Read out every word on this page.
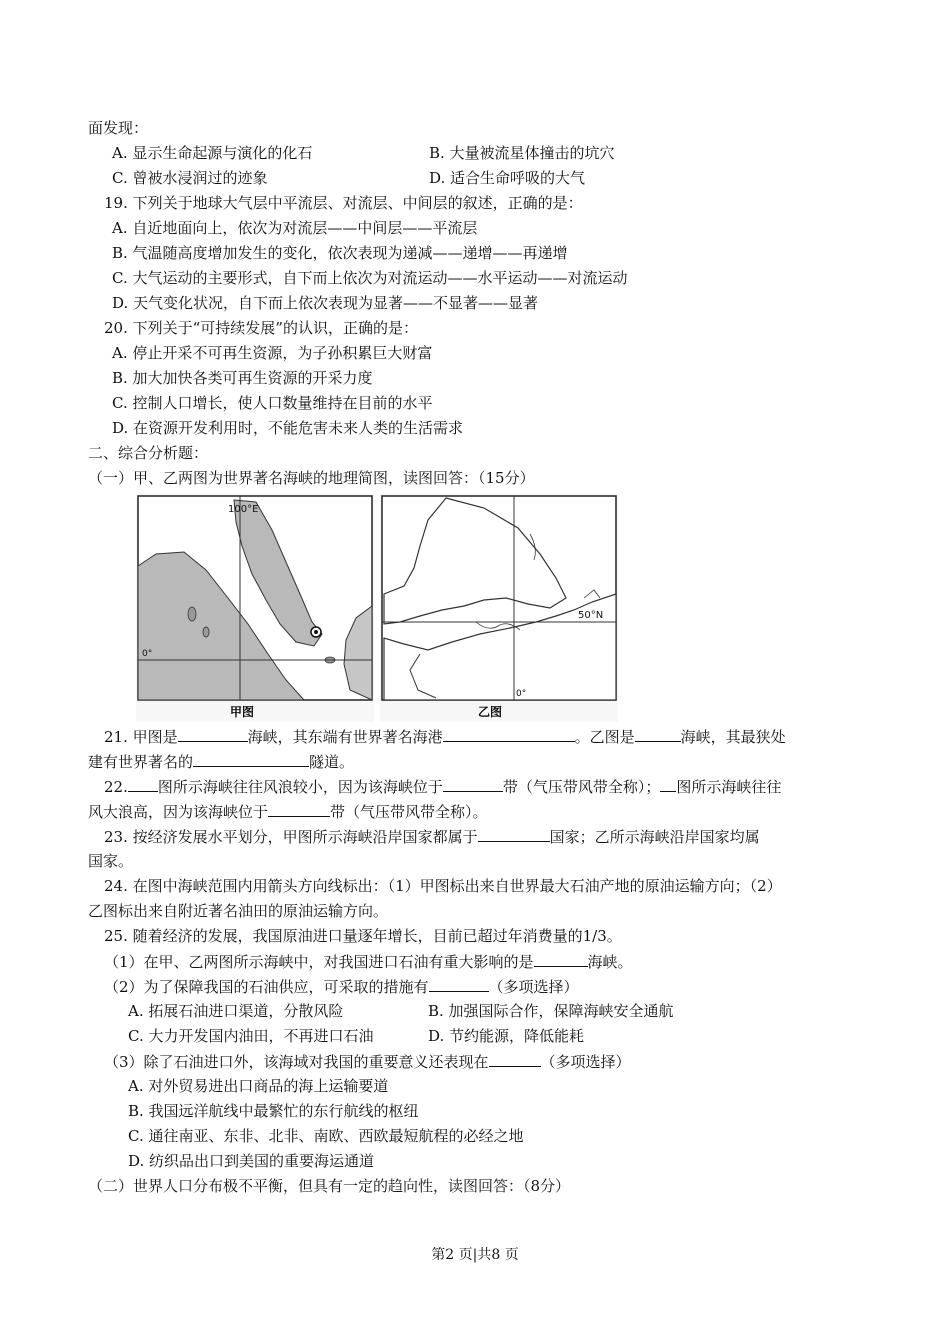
面发现：
A. 显示生命起源与演化的化石	B. 大量被流星体撞击的坑穴
C. 曾被水浸润过的迹象	D. 适合生命呼吸的大气
19. 下列关于地球大气层中平流层、对流层、中间层的叙述，正确的是：
A. 自近地面向上，依次为对流层——中间层——平流层
B. 气温随高度增加发生的变化，依次表现为递减——递增——再递增
C. 大气运动的主要形式，自下而上依次为对流运动——水平运动——对流运动
D. 天气变化状况，自下而上依次表现为显著——不显著——显著
20. 下列关于“可持续发展”的认识，正确的是：
A. 停止开采不可再生资源，为子孙积累巨大财富
B. 加大加快各类可再生资源的开采力度
C. 控制人口增长，使人口数量维持在目前的水平
D. 在资源开发利用时，不能危害未来人类的生活需求
二、综合分析题：
（一）甲、乙两图为世界著名海峡的地理简图，读图回答：（15分）
100°E
0°
甲图
50°N
0°
乙图
21. 甲图是	海峡，其东端有世界著名海港	。乙图是	海峡，其最狭处
建有世界著名的	隧道。
22. 图所示海峡往往风浪较小，因为该海峡位于	带（气压带风带全称）； 图所示海峡往往
风大浪高，因为该海峡位于	带（气压带风带全称）。
23. 按经济发展水平划分，甲图所示海峡沿岸国家都属于	国家；乙所示海峡沿岸国家均属
国家。
24. 在图中海峡范围内用箭头方向线标出：（1）甲图标出来自世界最大石油产地的原油运输方向；（2）
乙图标出来自附近著名油田的原油运输方向。
25. 随着经济的发展，我国原油进口量逐年增长，目前已超过年消费量的1/3。
（1）在甲、乙两图所示海峡中，对我国进口石油有重大影响的是	海峡。
（2）为了保障我国的石油供应，可采取的措施有	（多项选择）
A. 拓展石油进口渠道，分散风险	B. 加强国际合作，保障海峡安全通航
C. 大力开发国内油田，不再进口石油	D. 节约能源，降低能耗
（3）除了石油进口外，该海域对我国的重要意义还表现在	（多项选择）
A. 对外贸易进出口商品的海上运输要道
B. 我国远洋航线中最繁忙的东行航线的枢纽
C. 通往南亚、东非、北非、南欧、西欧最短航程的必经之地
D. 纺织品出口到美国的重要海运通道
（二）世界人口分布极不平衡，但具有一定的趋向性，读图回答：（8分）
第2 页|共8 页
